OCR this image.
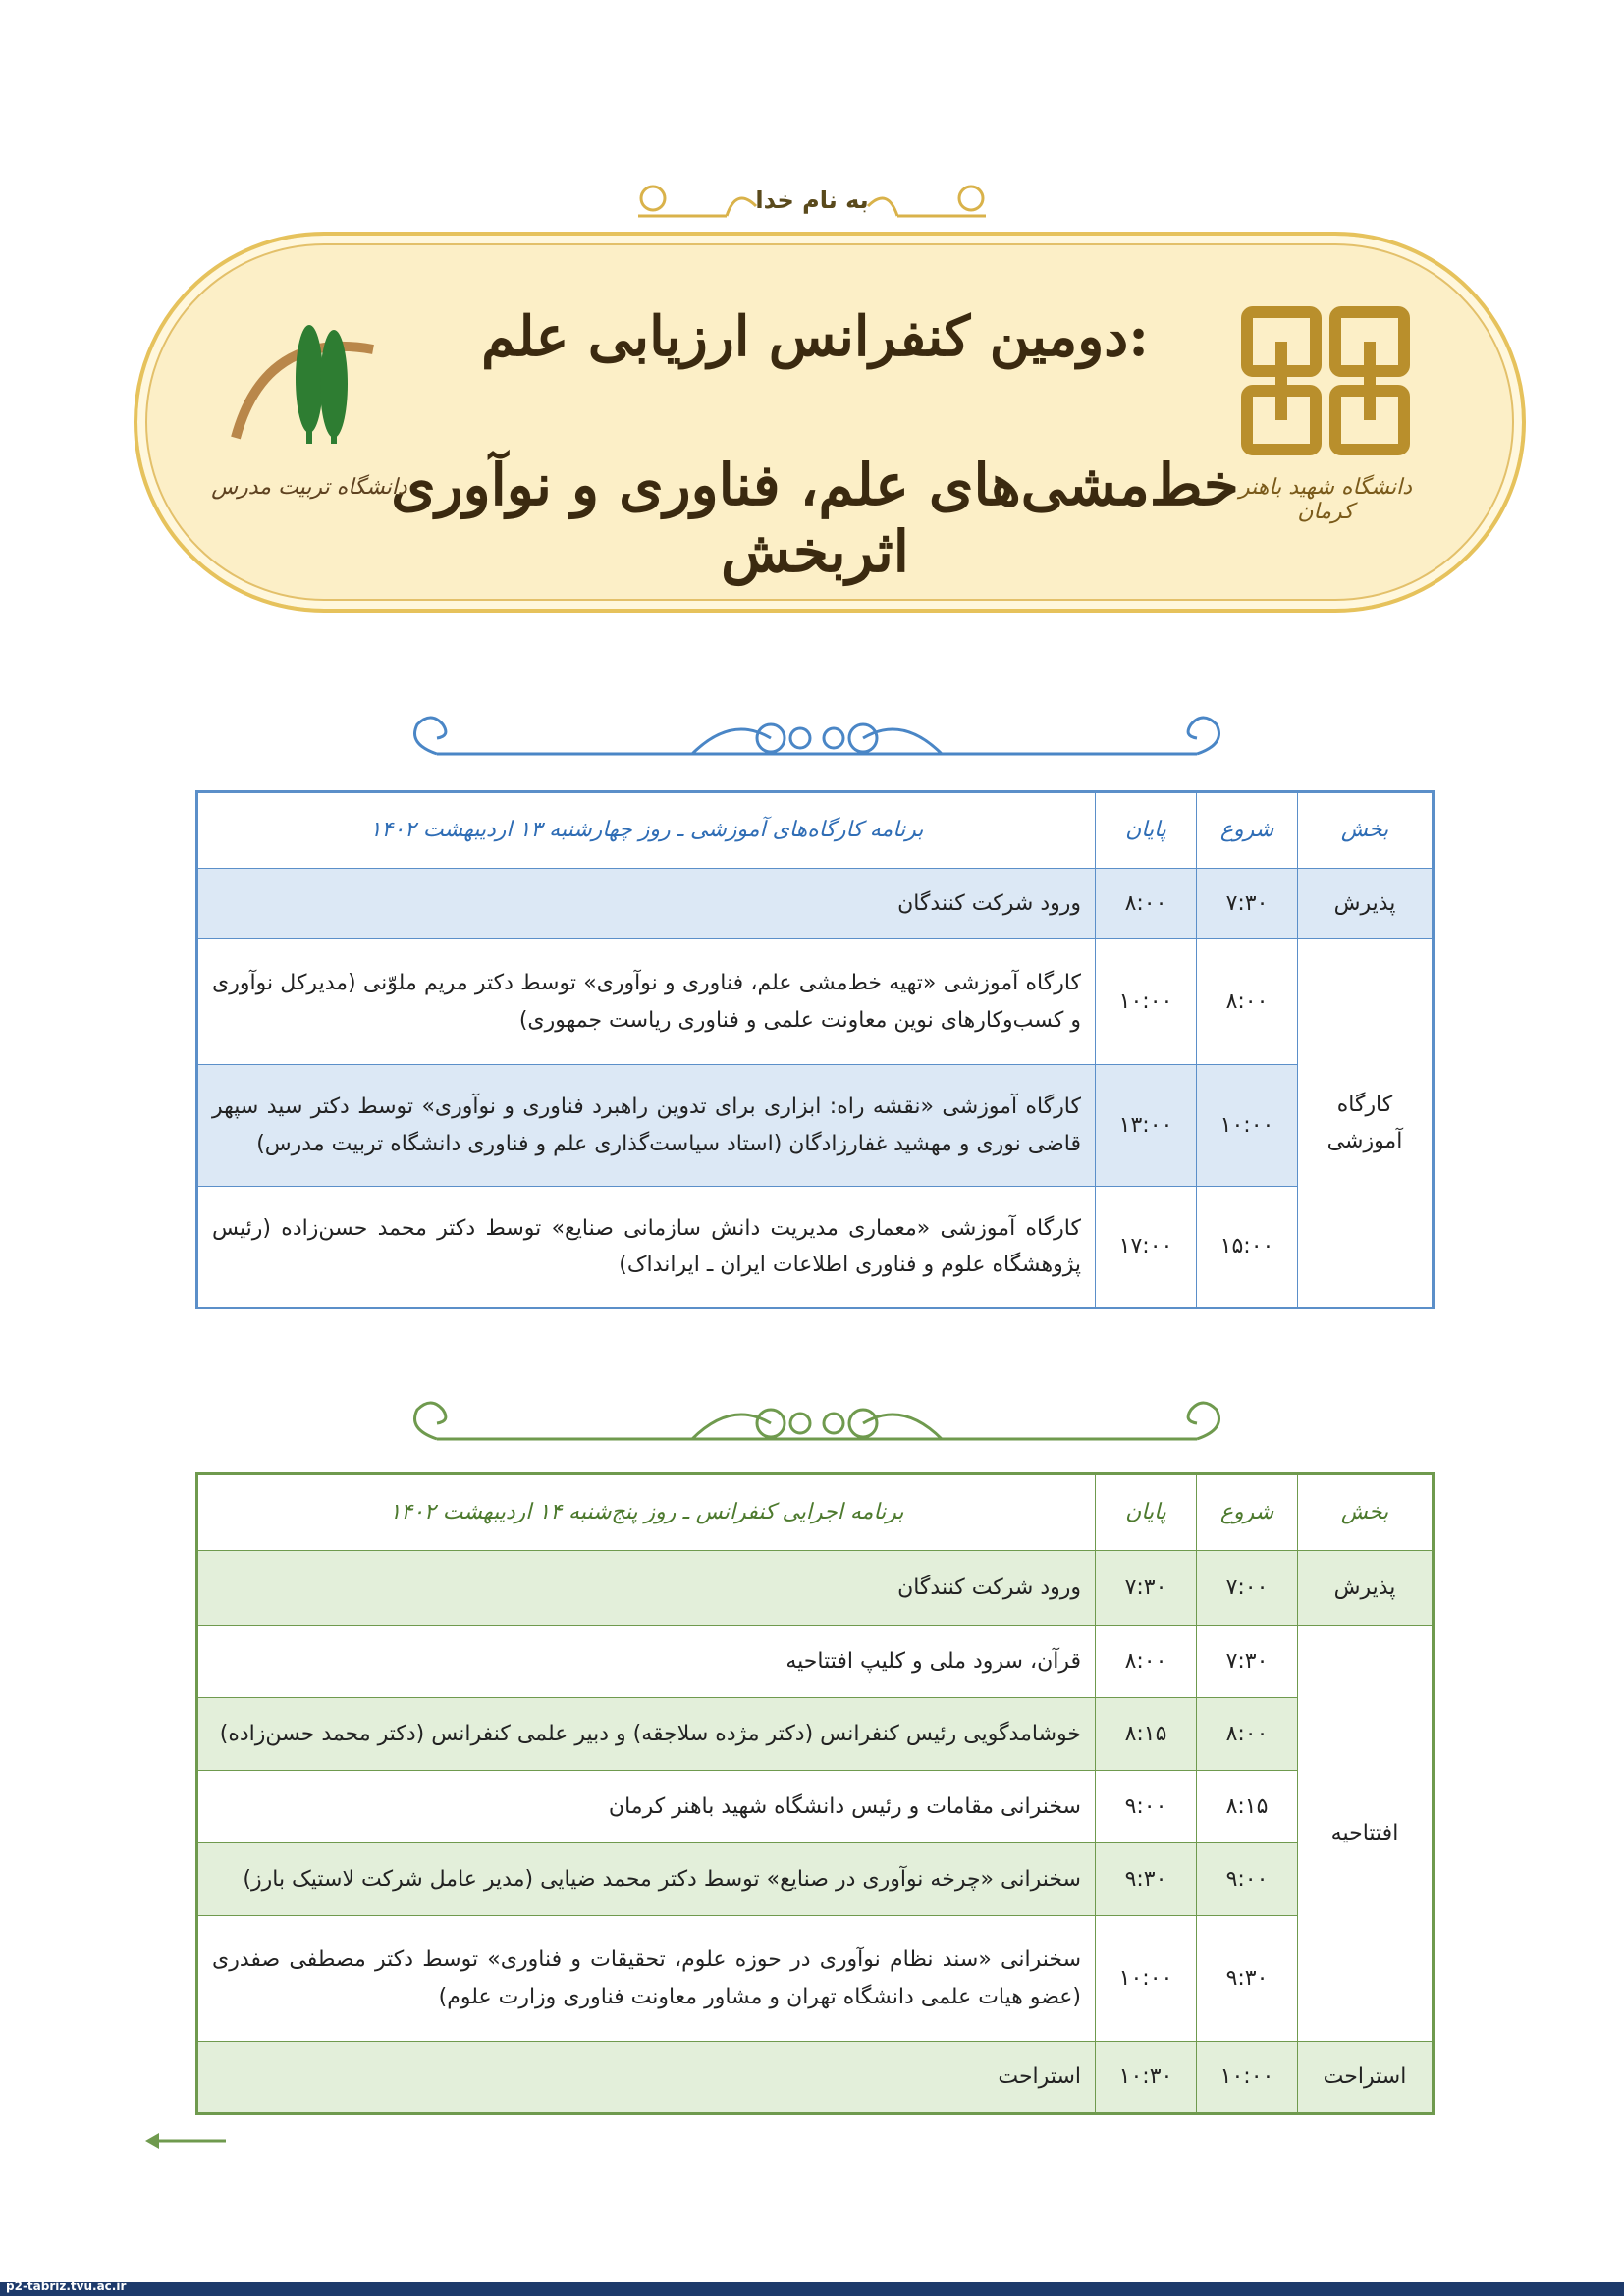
به نام خدا
دومین کنفرانس ارزیابی علم:
خط‌مشی‌های علم، فناوری و نوآوری اثربخش
دانشگاه شهید باهنر کرمان
دانشگاه تربیت مدرس
بخش	شروع	پایان	برنامه کارگاه‌های آموزشی ـ روز چهارشنبه ۱۳ اردیبهشت ۱۴۰۲
پذیرش	۷:۳۰	۸:۰۰	ورود شرکت کنندگان
کارگاه آموزشی	۸:۰۰	۱۰:۰۰	کارگاه آموزشی «تهیه خط‌مشی علم، فناوری و نوآوری» توسط دکتر مریم ملوّنی (مدیرکل نوآوری و کسب‌وکارهای نوین معاونت علمی و فناوری ریاست جمهوری)
	۱۰:۰۰	۱۳:۰۰	کارگاه آموزشی «نقشه راه: ابزاری برای تدوین راهبرد فناوری و نوآوری» توسط دکتر سید سپهر قاضی نوری و مهشید غفارزادگان (استاد سیاست‌گذاری علم و فناوری دانشگاه تربیت مدرس)
	۱۵:۰۰	۱۷:۰۰	کارگاه آموزشی «معماری مدیریت دانش سازمانی صنایع» توسط دکتر محمد حسن‌زاده (رئیس پژوهشگاه علوم و فناوری اطلاعات ایران ـ ایرانداک)
بخش	شروع	پایان	برنامه اجرایی کنفرانس ـ روز پنج‌شنبه ۱۴ اردیبهشت ۱۴۰۲
پذیرش	۷:۰۰	۷:۳۰	ورود شرکت کنندگان
افتتاحیه	۷:۳۰	۸:۰۰	قرآن، سرود ملی و کلیپ افتتاحیه
	۸:۰۰	۸:۱۵	خوشامدگویی رئیس کنفرانس (دکتر مژده سلاجقه) و دبیر علمی کنفرانس (دکتر محمد حسن‌زاده)
	۸:۱۵	۹:۰۰	سخنرانی مقامات و رئیس دانشگاه شهید باهنر کرمان
	۹:۰۰	۹:۳۰	سخنرانی «چرخه نوآوری در صنایع» توسط دکتر محمد ضیایی (مدیر عامل شرکت لاستیک بارز)
	۹:۳۰	۱۰:۰۰	سخنرانی «سند نظام نوآوری در حوزه علوم، تحقیقات و فناوری» توسط دکتر مصطفی صفدری (عضو هیات علمی دانشگاه تهران و مشاور معاونت فناوری وزارت علوم)
استراحت	۱۰:۰۰	۱۰:۳۰	استراحت
p2-tabriz.tvu.ac.ir
